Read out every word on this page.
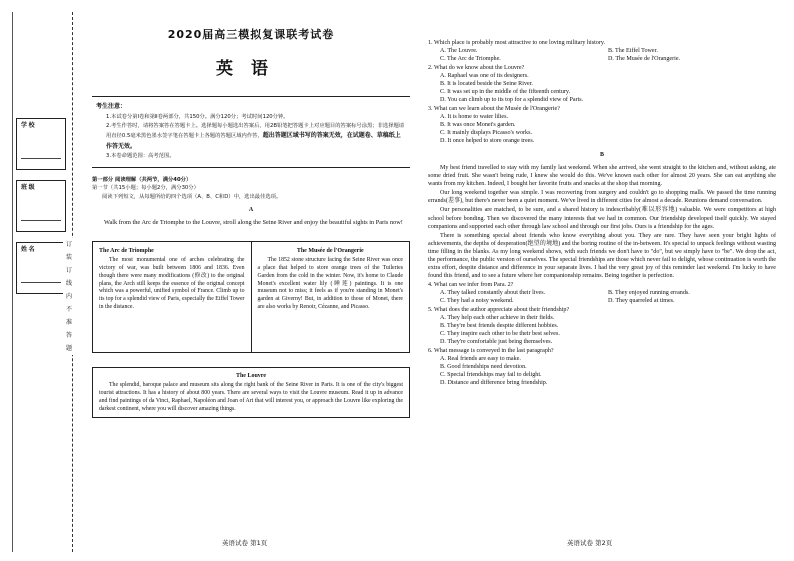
学 校
班 级
姓 名
订
装
订
线
内
不
准
答
题
2020届高三模拟复课联考试卷
英语
考生注意：

1.本试卷分第Ⅰ卷和第Ⅱ卷两部分，共150分。满分120分；考试时间120分钟。

2.考生作答时，请将答案答在答题卡上。选择题每小题选出答案后，用2B铅笔把答题卡上对应题目的答案标号涂黑；非选择题请用直径0.5毫米黑色墨水签字笔在答题卡上各题的答题区域内作答，超出答题区域书写的答案无效，在试题卷、草稿纸上作答无效。

3.本卷命题范围：高考范围。

第一部分 阅读理解（共两节，满分40分）
第一节（共15小题；每小题2分，满分30分）
阅读下列短文，从每题所给的四个选项（A、B、C和D）中，选出最佳选项。
A
Walk from the Arc de Triomphe to the Louvre, stroll along the Seine River and enjoy the beautiful sights in Paris now!
The Arc de Triomphe
The most monumental one of arches celebrating the victory of war, was built between 1806 and 1836. Even though there were many modifications (修改) to the original plans, the Arch still keeps the essence of the original concept which was a powerful, unified symbol of France. Climb up to its top for a splendid view of Paris, especially the Eiffel Tower in the distance.
The Musée de l'Orangerie
The 1852 stone structure facing the Seine River was once a place that helped to store orange trees of the Tuileries Garden from the cold in the winter. Now, it's home to Claude Monet's excellent water lily (睡莲) paintings. It is one museum not to miss; it feels as if you're standing in Monet's garden at Giverny! But, in addition to those of Monet, there are also works by Renoir, Cézanne, and Picasso.
The Louvre
The splendid, baroque palace and museum sits along the right bank of the Seine River in Paris. It is one of the city's biggest tourist attractions. It has a history of about 800 years. There are several ways to visit the Louvre museum. Read it up in advance and find paintings of da Vinci, Raphael, Napoléon and Joan of Art that will interest you, or approach the Louvre like exploring the darkest continent, where you will discover amazing things.
英语试卷 第1页
1. Which place is probably most attractive to one loving military history.
A. The Louvre.	B. The Eiffel Tower.
C. The Arc de Triomphe.	D. The Musée de l'Orangerie.
2. What do we know about the Louvre?
A. Raphael was one of its designers.
B. It is located beside the Seine River.
C. It was set up in the middle of the fifteenth century.
D. You can climb up to its top for a splendid view of Paris.
3. What can we learn about the Musée de l'Orangerie?
A. It is home to water lilies.
B. It was once Monet's garden.
C. It mainly displays Picasso's works.
D. It once helped to store orange trees.
B

My best friend travelled to stay with my family last weekend. When she arrived, she went straight to the kitchen and, without asking, ate some dried fruit. She wasn't being rude, I knew she would do this. We've known each other for almost 20 years. She can eat anything she wants from my kitchen. Indeed, I bought her favorite fruits and snacks at the shop that morning.

Our long weekend together was simple. I was recovering from surgery and couldn't go to shopping malls. We passed the time running errands(差事), but there's never been a quiet moment. We've lived in different cities for almost a decade. Reunions demand conversation.

Our personalities are matched, to be sure, and a shared history is indescribably(难以形容地) valuable. We were competitors at high school before bonding. Then we discovered the many interests that we had in common. Our friendship developed itself quickly. We stayed companions and supported each other through law school and through our first jobs. Ours is a friendship for the ages.

There is something special about friends who know everything about you. They are rare. They have seen your bright lights of achievements, the depths of desperation(绝望的境地) and the boring routine of the in-between. It's special to unpack feelings without wasting time filling in the blanks. As my long weekend shows, with such friends we don't have to "do", but we simply have to "be". We drop the act, the performance, the public version of ourselves. The special friendships are those which never fail to delight, whose continuation is worth the extra effort, despite distance and difference in your separate lives. I had the very great joy of this reminder last weekend. I'm lucky to have found this friend, and to see a future where her companionship remains. Being together is perfection.

4. What can we infer from Para. 2?
A. They talked constantly about their lives.	B. They enjoyed running errands.
C. They had a noisy weekend.	D. They quarreled at times.
5. What does the author appreciate about their friendship?
A. They help each other achieve in their fields.
B. They're best friends despite different hobbies.
C. They inspire each other to be their best selves.
D. They're comfortable just being themselves.
6. What message is conveyed in the last paragraph?
A. Real friends are easy to make.
B. Good friendships need devotion.
C. Special friendships may fail to delight.
D. Distance and difference bring friendship.
英语试卷 第2页
